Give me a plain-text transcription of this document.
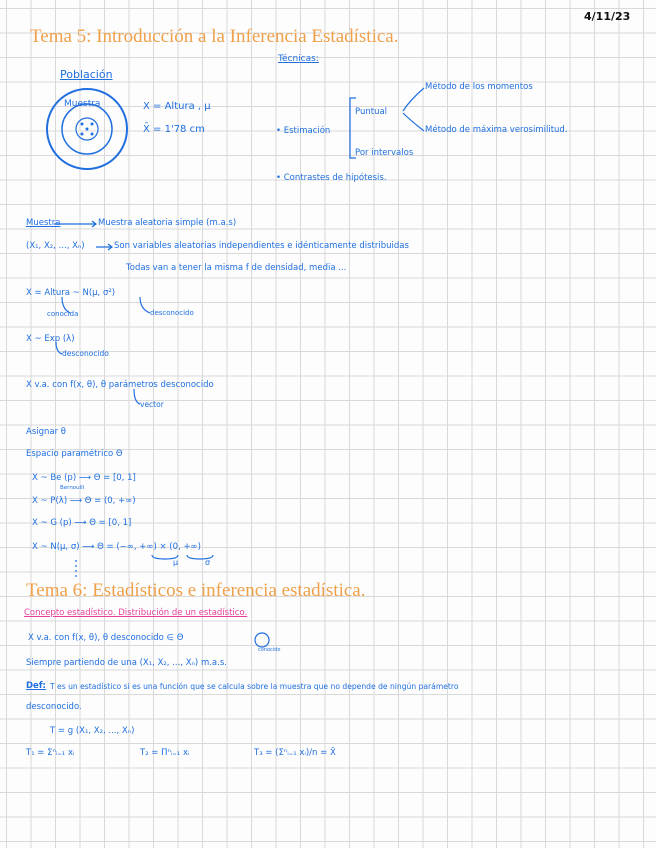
4/11/23
Tema 5: Introducción a la Inferencia Estadística.
Población
Muestra	X = Altura , μ
X̄ = 1'78 cm
Técnicas:
Método de los momentos
Puntual
• Estimación	Método de máxima verosimilitud.
Por intervalos
• Contrastes de hipótesis.
Muestra	Muestra aleatoria simple (m.a.s)
(X₁, X₂, ..., Xₙ)	Son variables aleatorias independientes e idénticamente distribuidas
Todas van a tener la misma f de densidad, media ...
X = Altura ~ N(μ, σ²)
conocida	desconocido
X ~ Exp (λ)
desconocido
X v.a. con f(x, θ), θ parámetros desconocido
vector
Asignar θ
Espacio paramétrico Θ
X ~ Be (p) ⟶ Θ = [0, 1]
Bernoulli
X ~ P(λ) ⟶ Θ = (0, +∞)
X ~ G (p) ⟶ Θ = [0, 1]
X ~ N(μ, σ) ⟶ Θ = (−∞, +∞) × (0, +∞)
μ	σ
Tema 6: Estadísticos e inferencia estadística.
Concepto estadístico. Distribución de un estadístico.
X v.a. con f(x, θ), θ desconocido ∈ Θ
conocido
Siempre partiendo de una (X₁, X₂, ..., Xₙ) m.a.s.
Def: T es un estadístico si es una función que se calcula sobre la muestra que no depende de ningún parámetro
desconocido.
T = g (X₁, X₂, ..., Xₙ)
T₁ = Σⁿᵢ₌₁ xᵢ	T₂ = Πⁿᵢ₌₁ xᵢ	T₃ = (Σⁿᵢ₌₁ xᵢ)/n = X̄
